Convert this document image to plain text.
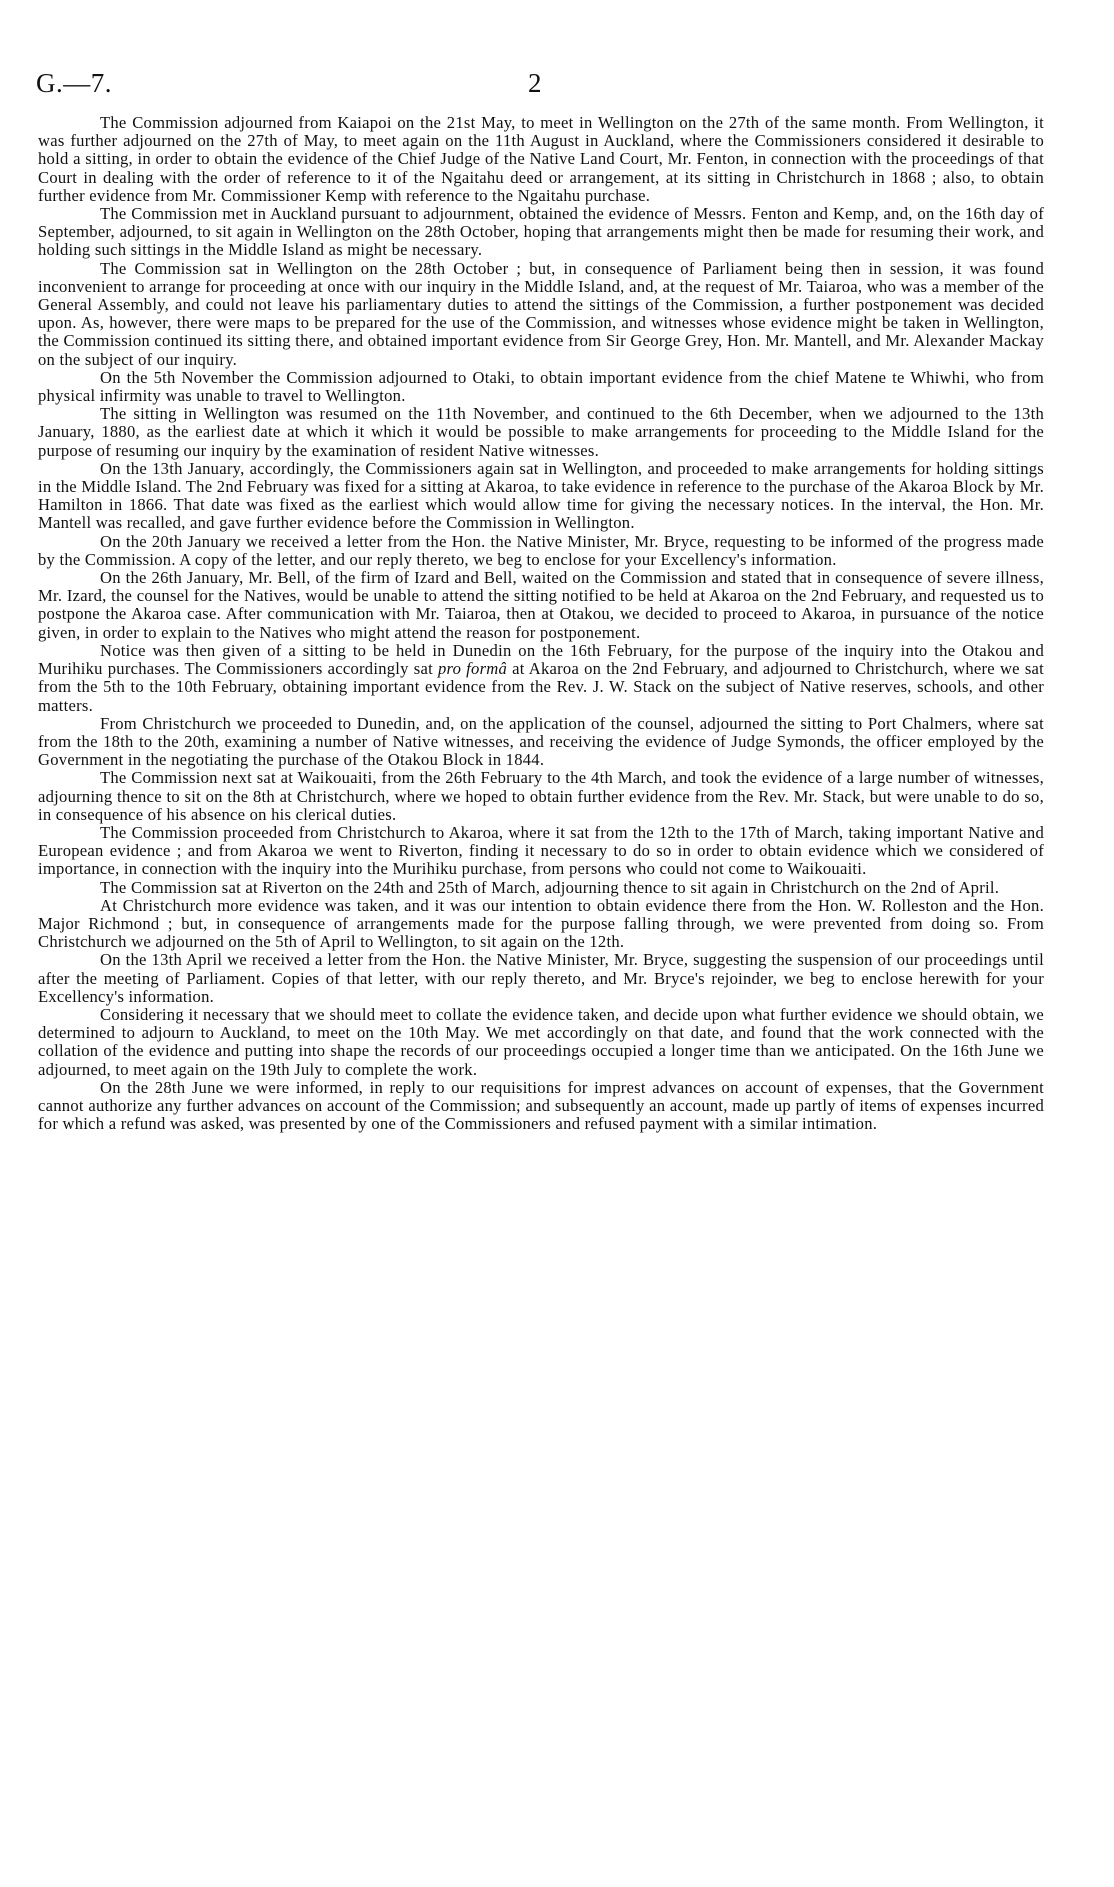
G.—7.	2

The Commission adjourned from Kaiapoi on the 21st May, to meet in Wellington on the 27th of the same month. From Wellington, it was further adjourned on the 27th of May, to meet again on the 11th August in Auckland, where the Commissioners considered it desirable to hold a sitting, in order to obtain the evidence of the Chief Judge of the Native Land Court, Mr. Fenton, in connection with the proceedings of that Court in dealing with the order of reference to it of the Ngaitahu deed or arrangement, at its sitting in Christchurch in 1868 ; also, to obtain further evidence from Mr. Commissioner Kemp with reference to the Ngaitahu purchase.

The Commission met in Auckland pursuant to adjournment, obtained the evidence of Messrs. Fenton and Kemp, and, on the 16th day of September, adjourned, to sit again in Wellington on the 28th October, hoping that arrangements might then be made for resuming their work, and holding such sittings in the Middle Island as might be necessary.

The Commission sat in Wellington on the 28th October ; but, in consequence of Parliament being then in session, it was found inconvenient to arrange for proceeding at once with our inquiry in the Middle Island, and, at the request of Mr. Taiaroa, who was a member of the General Assembly, and could not leave his parliamentary duties to attend the sittings of the Commission, a further postponement was decided upon. As, however, there were maps to be prepared for the use of the Commission, and witnesses whose evidence might be taken in Wellington, the Commission continued its sitting there, and obtained important evidence from Sir George Grey, Hon. Mr. Mantell, and Mr. Alexander Mackay on the subject of our inquiry.

On the 5th November the Commission adjourned to Otaki, to obtain important evidence from the chief Matene te Whiwhi, who from physical infirmity was unable to travel to Wellington.

The sitting in Wellington was resumed on the 11th November, and continued to the 6th December, when we adjourned to the 13th January, 1880, as the earliest date at which it which it would be possible to make arrangements for proceeding to the Middle Island for the purpose of resuming our inquiry by the examination of resident Native witnesses.

On the 13th January, accordingly, the Commissioners again sat in Wellington, and proceeded to make arrangements for holding sittings in the Middle Island. The 2nd February was fixed for a sitting at Akaroa, to take evidence in reference to the purchase of the Akaroa Block by Mr. Hamilton in 1866. That date was fixed as the earliest which would allow time for giving the necessary notices. In the interval, the Hon. Mr. Mantell was recalled, and gave further evidence before the Commission in Wellington.

On the 20th January we received a letter from the Hon. the Native Minister, Mr. Bryce, requesting to be informed of the progress made by the Commission. A copy of the letter, and our reply thereto, we beg to enclose for your Excellency's information.

On the 26th January, Mr. Bell, of the firm of Izard and Bell, waited on the Commission and stated that in consequence of severe illness, Mr. Izard, the counsel for the Natives, would be unable to attend the sitting notified to be held at Akaroa on the 2nd February, and requested us to postpone the Akaroa case. After communication with Mr. Taiaroa, then at Otakou, we decided to proceed to Akaroa, in pursuance of the notice given, in order to explain to the Natives who might attend the reason for postponement.

Notice was then given of a sitting to be held in Dunedin on the 16th February, for the purpose of the inquiry into the Otakou and Murihiku purchases. The Commissioners accordingly sat pro formâ at Akaroa on the 2nd February, and adjourned to Christchurch, where we sat from the 5th to the 10th February, obtaining important evidence from the Rev. J. W. Stack on the subject of Native reserves, schools, and other matters.

From Christchurch we proceeded to Dunedin, and, on the application of the counsel, adjourned the sitting to Port Chalmers, where sat from the 18th to the 20th, examining a number of Native witnesses, and receiving the evidence of Judge Symonds, the officer employed by the Government in the negotiating the purchase of the Otakou Block in 1844.

The Commission next sat at Waikouaiti, from the 26th February to the 4th March, and took the evidence of a large number of witnesses, adjourning thence to sit on the 8th at Christchurch, where we hoped to obtain further evidence from the Rev. Mr. Stack, but were unable to do so, in consequence of his absence on his clerical duties.

The Commission proceeded from Christchurch to Akaroa, where it sat from the 12th to the 17th of March, taking important Native and European evidence ; and from Akaroa we went to Riverton, finding it necessary to do so in order to obtain evidence which we considered of importance, in connection with the inquiry into the Murihiku purchase, from persons who could not come to Waikouaiti.

The Commission sat at Riverton on the 24th and 25th of March, adjourning thence to sit again in Christchurch on the 2nd of April.

At Christchurch more evidence was taken, and it was our intention to obtain evidence there from the Hon. W. Rolleston and the Hon. Major Richmond ; but, in consequence of arrangements made for the purpose falling through, we were prevented from doing so. From Christchurch we adjourned on the 5th of April to Wellington, to sit again on the 12th.

On the 13th April we received a letter from the Hon. the Native Minister, Mr. Bryce, suggesting the suspension of our proceedings until after the meeting of Parliament. Copies of that letter, with our reply thereto, and Mr. Bryce's rejoinder, we beg to enclose herewith for your Excellency's information.

Considering it necessary that we should meet to collate the evidence taken, and decide upon what further evidence we should obtain, we determined to adjourn to Auckland, to meet on the 10th May. We met accordingly on that date, and found that the work connected with the collation of the evidence and putting into shape the records of our proceedings occupied a longer time than we anticipated. On the 16th June we adjourned, to meet again on the 19th July to complete the work.

On the 28th June we were informed, in reply to our requisitions for imprest advances on account of expenses, that the Government cannot authorize any further advances on account of the Commission; and subsequently an account, made up partly of items of expenses incurred for which a refund was asked, was presented by one of the Commissioners and refused payment with a similar intimation.
